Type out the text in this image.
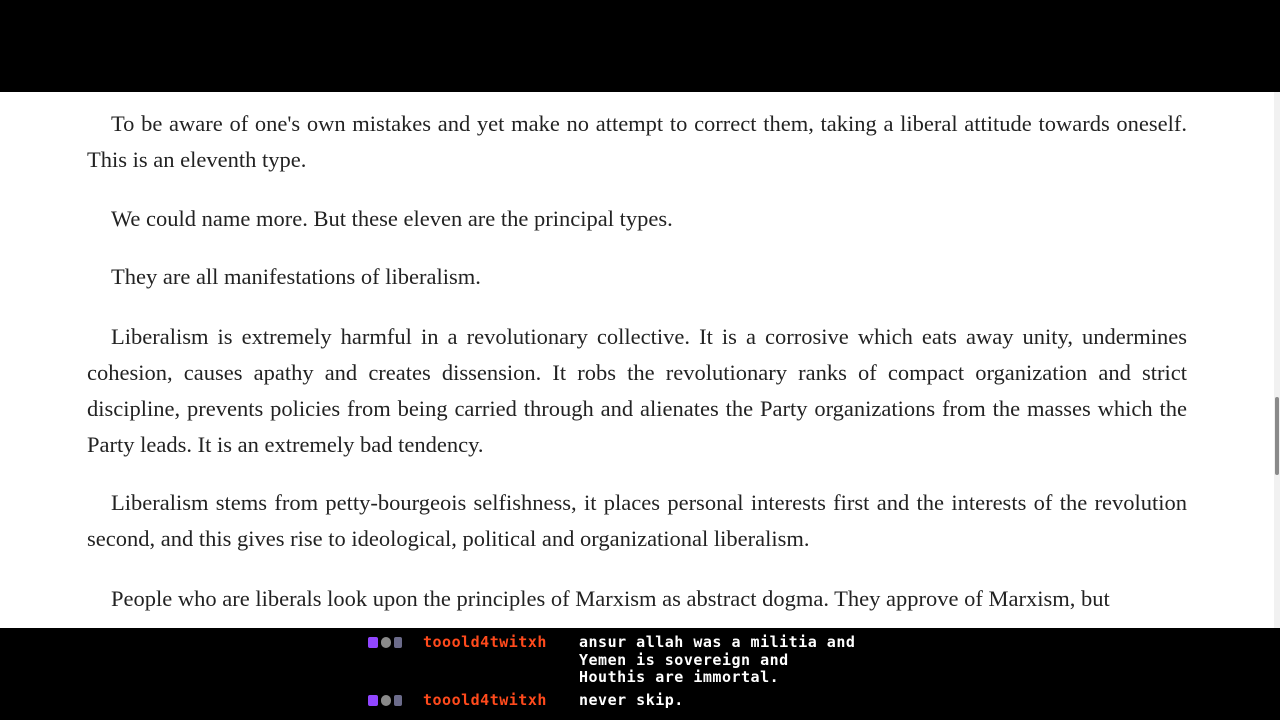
To be aware of one's own mistakes and yet make no attempt to correct them, taking a liberal attitude towards oneself. This is an eleventh type.

We could name more. But these eleven are the principal types.

They are all manifestations of liberalism.

Liberalism is extremely harmful in a revolutionary collective. It is a corrosive which eats away unity, undermines cohesion, causes apathy and creates dissension. It robs the revolutionary ranks of compact organization and strict discipline, prevents policies from being carried through and alienates the Party organizations from the masses which the Party leads. It is an extremely bad tendency.

Liberalism stems from petty-bourgeois selfishness, it places personal interests first and the interests of the revolution second, and this gives rise to ideological, political and organizational liberalism.

People who are liberals look upon the principles of Marxism as abstract dogma. They approve of Marxism, but

tooold4twitxh	ansur allah was a militia and
Yemen is sovereign and
Houthis are immortal.
tooold4twitxh	never skip.
